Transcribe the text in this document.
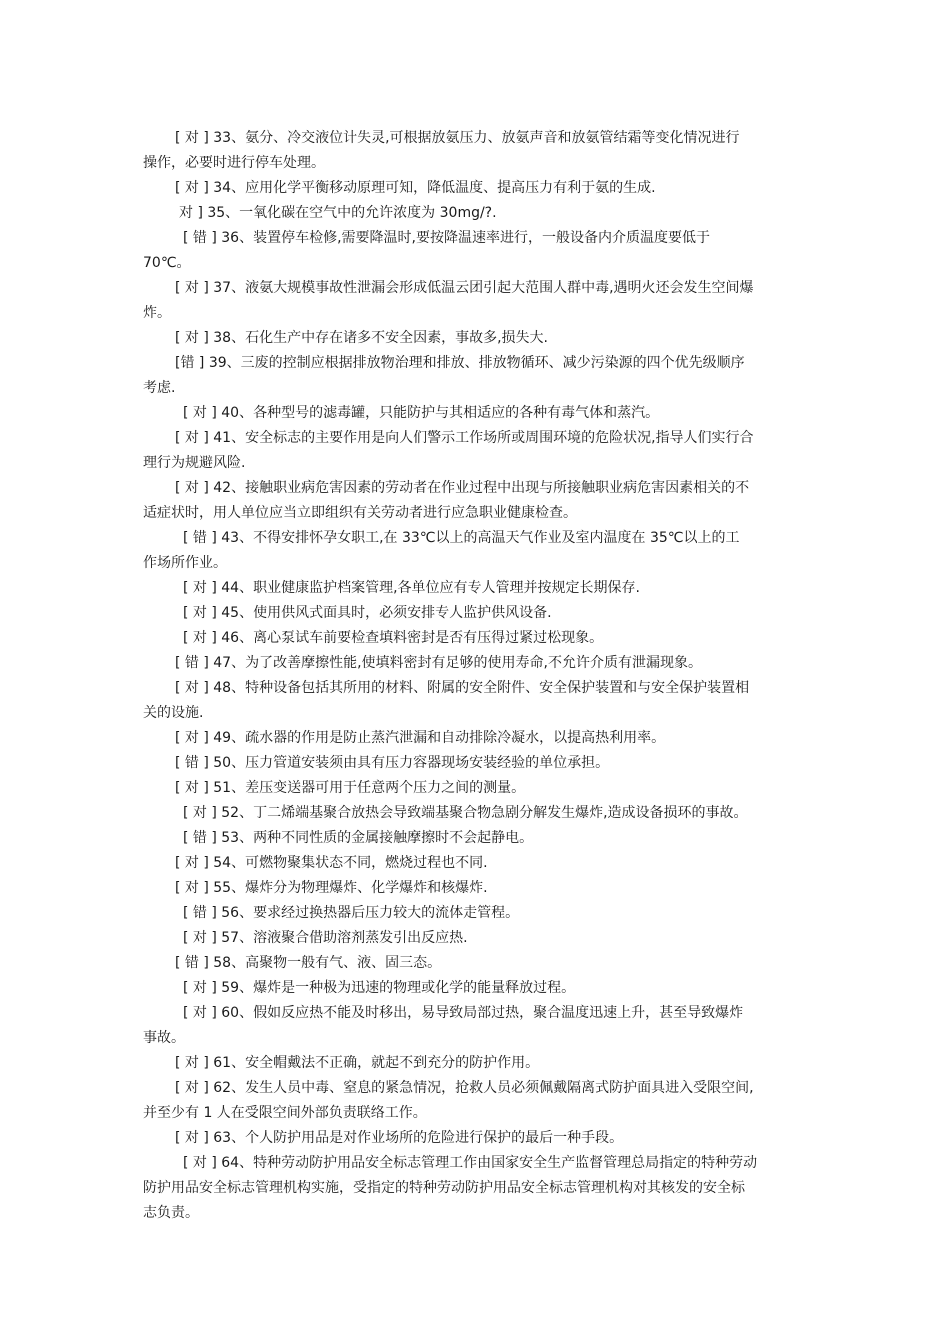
[ 对 ] 33、氨分、冷交液位计失灵,可根据放氨压力、放氨声音和放氨管结霜等变化情况进行
操作，必要时进行停车处理。
[ 对 ] 34、应用化学平衡移动原理可知，降低温度、提高压力有利于氨的生成.
对 ] 35、一氧化碳在空气中的允许浓度为 30mg/?.
[ 错 ] 36、装置停车检修,需要降温时,要按降温速率进行，一般设备内介质温度要低于
70℃。
[ 对 ] 37、液氨大规模事故性泄漏会形成低温云团引起大范围人群中毒,遇明火还会发生空间爆
炸。
[ 对 ] 38、石化生产中存在诸多不安全因素，事故多,损失大.
[错 ] 39、三废的控制应根据排放物治理和排放、排放物循环、减少污染源的四个优先级顺序
考虑.
[ 对 ] 40、各种型号的滤毒罐，只能防护与其相适应的各种有毒气体和蒸汽。
[ 对 ] 41、安全标志的主要作用是向人们警示工作场所或周围环境的危险状况,指导人们实行合
理行为规避风险.
[ 对 ] 42、接触职业病危害因素的劳动者在作业过程中出现与所接触职业病危害因素相关的不
适症状时，用人单位应当立即组织有关劳动者进行应急职业健康检查。
[ 错 ] 43、不得安排怀孕女职工,在 33℃以上的高温天气作业及室内温度在 35℃以上的工
作场所作业。
[ 对 ] 44、职业健康监护档案管理,各单位应有专人管理并按规定长期保存.
[ 对 ] 45、使用供风式面具时，必须安排专人监护供风设备.
[ 对 ] 46、离心泵试车前要检查填料密封是否有压得过紧过松现象。
[ 错 ] 47、为了改善摩擦性能,使填料密封有足够的使用寿命,不允许介质有泄漏现象。
[ 对 ] 48、特种设备包括其所用的材料、附属的安全附件、安全保护装置和与安全保护装置相
关的设施.
[ 对 ] 49、疏水器的作用是防止蒸汽泄漏和自动排除冷凝水，以提高热利用率。
[ 错 ] 50、压力管道安装须由具有压力容器现场安装经验的单位承担。
[ 对 ] 51、差压变送器可用于任意两个压力之间的测量。
[ 对 ] 52、丁二烯端基聚合放热会导致端基聚合物急剧分解发生爆炸,造成设备损环的事故。
[ 错 ] 53、两种不同性质的金属接触摩擦时不会起静电。
[ 对 ] 54、可燃物聚集状态不同，燃烧过程也不同.
[ 对 ] 55、爆炸分为物理爆炸、化学爆炸和核爆炸.
[ 错 ] 56、要求经过换热器后压力较大的流体走管程。
[ 对 ] 57、溶液聚合借助溶剂蒸发引出反应热.
[ 错 ] 58、高聚物一般有气、液、固三态。
[ 对 ] 59、爆炸是一种极为迅速的物理或化学的能量释放过程。
[ 对 ] 60、假如反应热不能及时移出，易导致局部过热，聚合温度迅速上升，甚至导致爆炸
事故。
[ 对 ] 61、安全帽戴法不正确，就起不到充分的防护作用。
[ 对 ] 62、发生人员中毒、窒息的紧急情况，抢救人员必须佩戴隔离式防护面具进入受限空间,
并至少有 1 人在受限空间外部负责联络工作。
[ 对 ] 63、个人防护用品是对作业场所的危险进行保护的最后一种手段。
[ 对 ] 64、特种劳动防护用品安全标志管理工作由国家安全生产监督管理总局指定的特种劳动
防护用品安全标志管理机构实施，受指定的特种劳动防护用品安全标志管理机构对其核发的安全标
志负责。
